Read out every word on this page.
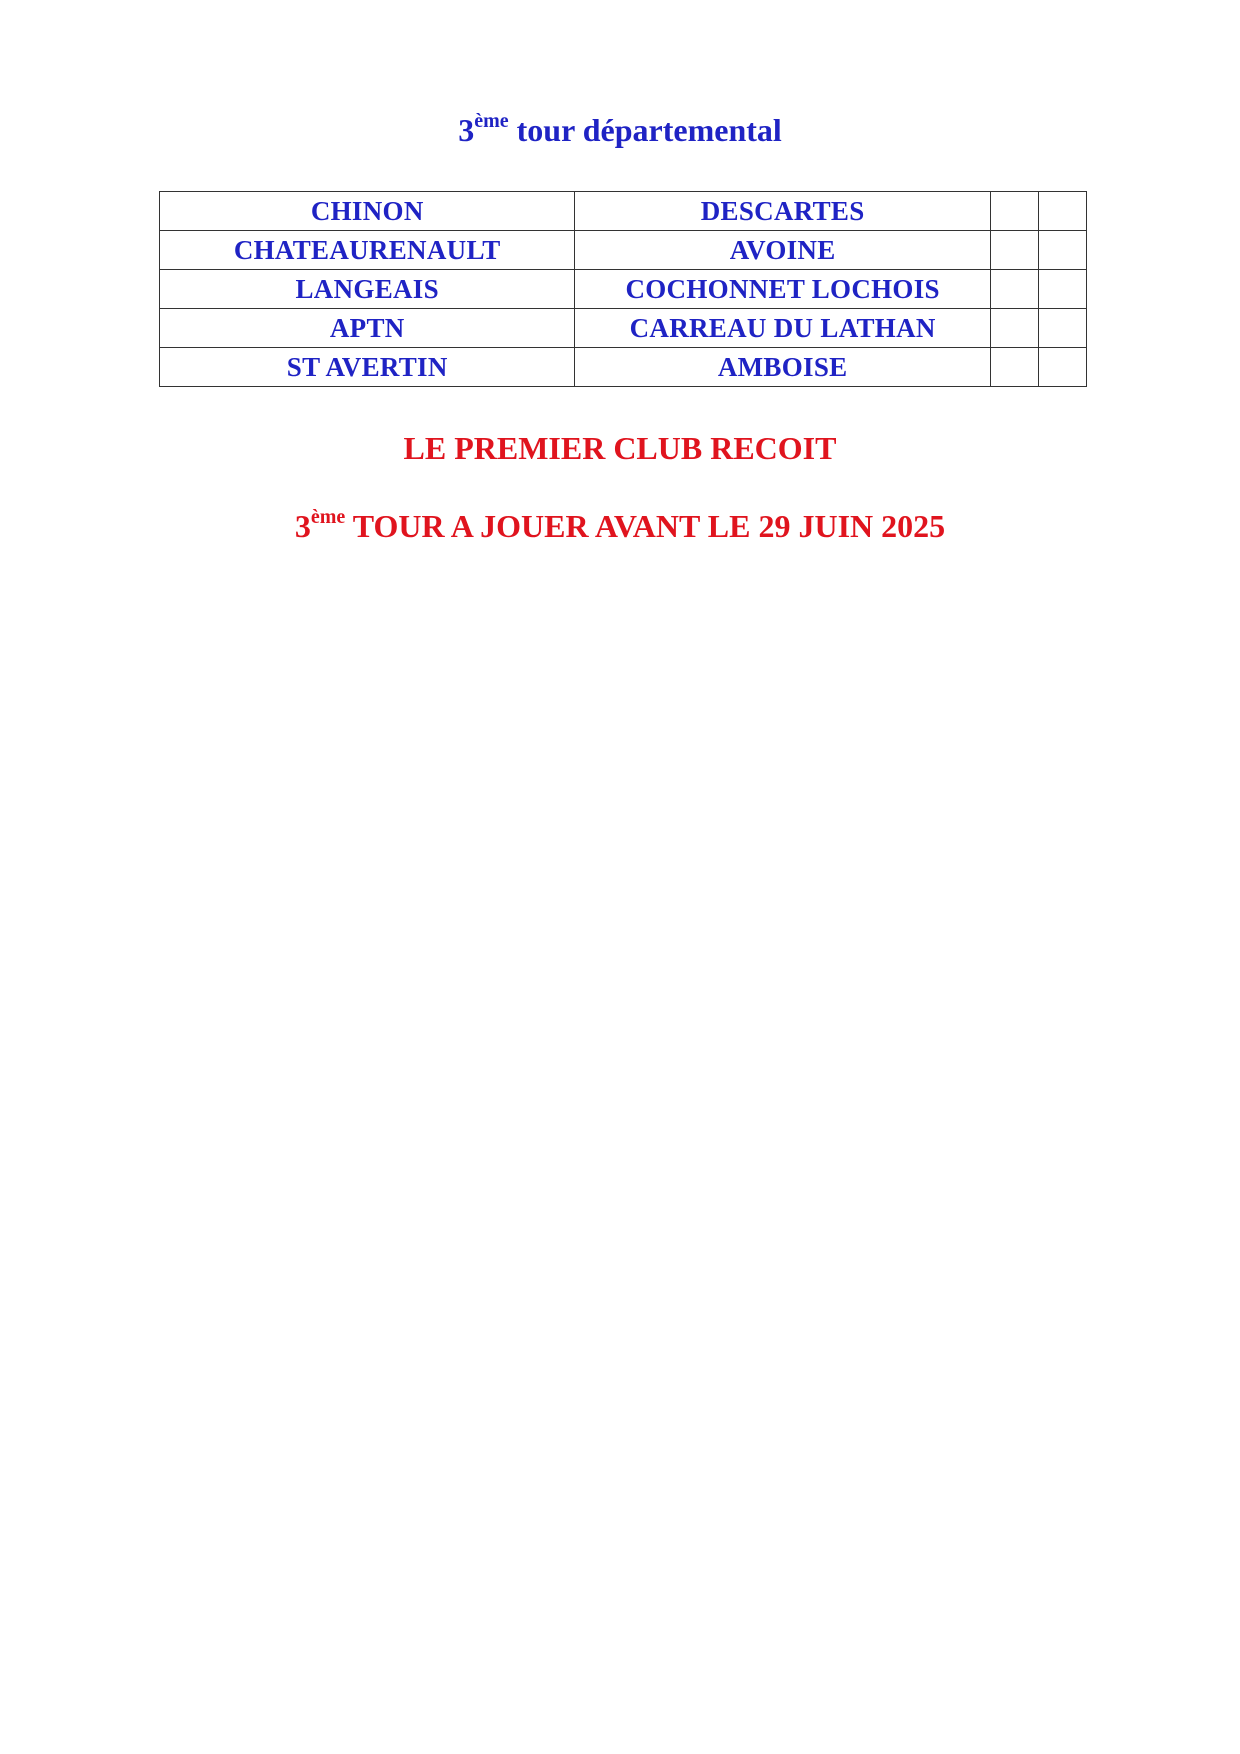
3ème tour départemental
CHINON	DESCARTES		
CHATEAURENAULT	AVOINE		
LANGEAIS	COCHONNET LOCHOIS		
APTN	CARREAU DU LATHAN		
ST AVERTIN	AMBOISE		
LE PREMIER CLUB RECOIT
3ème TOUR A JOUER AVANT LE 29 JUIN 2025
